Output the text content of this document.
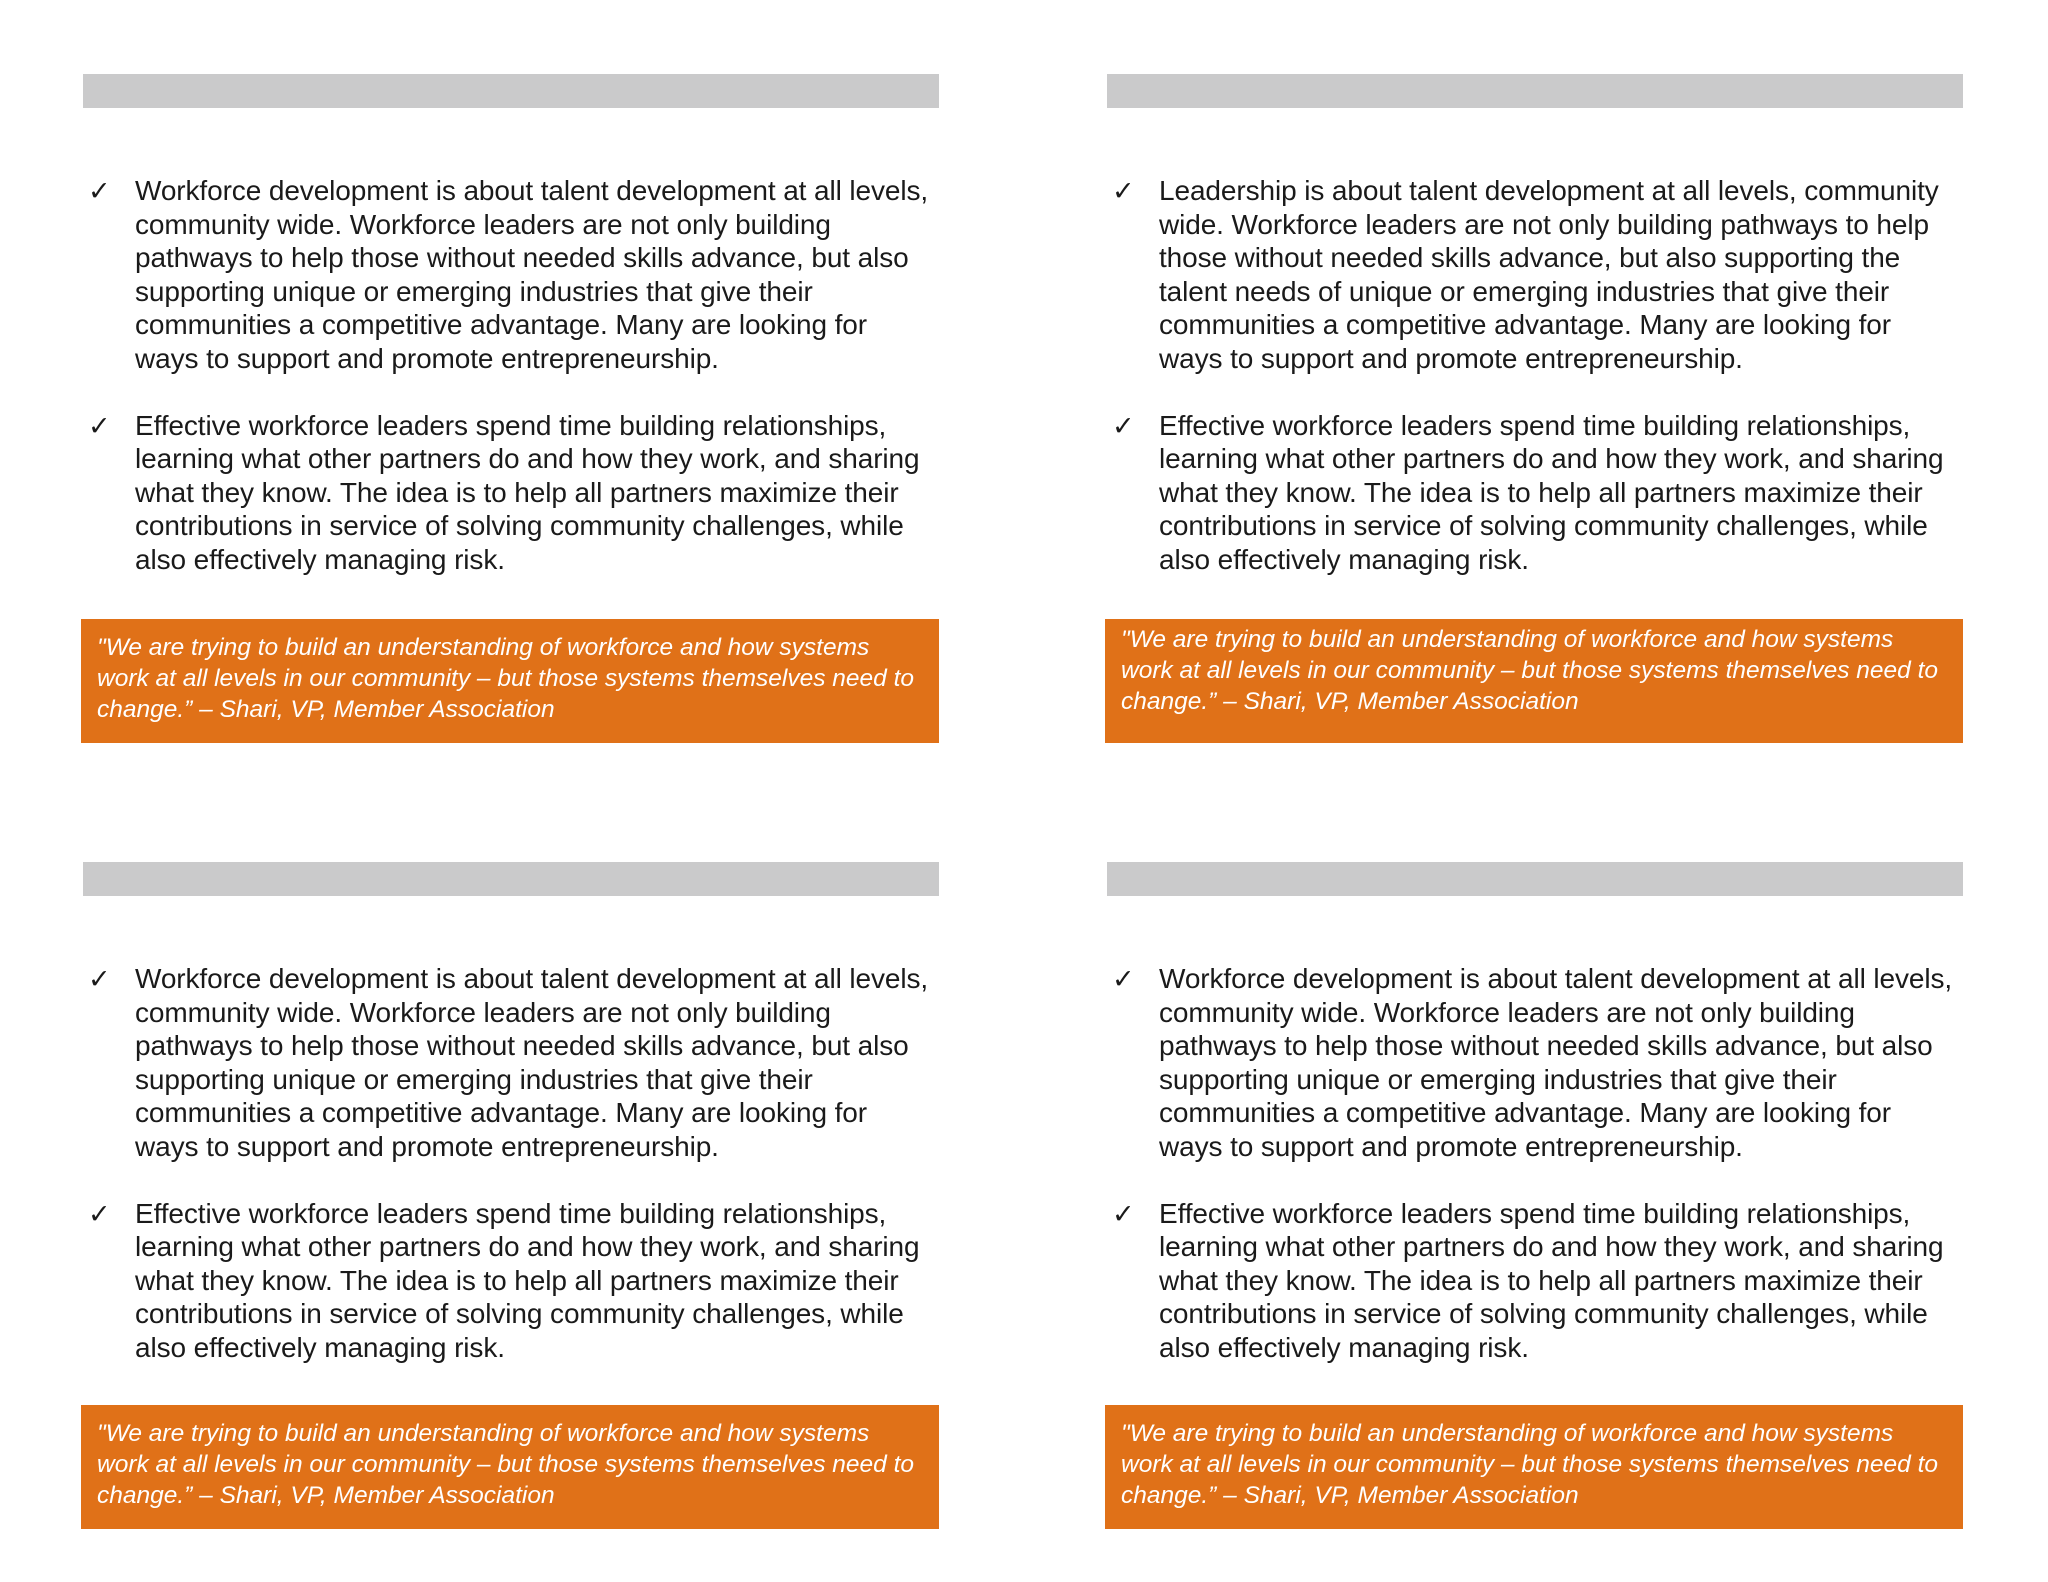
✓ Workforce development is about talent development at all levels, community wide. Workforce leaders are not only building pathways to help those without needed skills advance, but also supporting unique or emerging industries that give their communities a competitive advantage. Many are looking for ways to support and promote entrepreneurship.
✓ Effective workforce leaders spend time building relationships, learning what other partners do and how they work, and sharing what they know. The idea is to help all partners maximize their contributions in service of solving community challenges, while also effectively managing risk.
"We are trying to build an understanding of workforce and how systems work at all levels in our community – but those systems themselves need to change.” – Shari, VP, Member Association
✓ Leadership is about talent development at all levels, community wide. Workforce leaders are not only building pathways to help those without needed skills advance, but also supporting the talent needs of unique or emerging industries that give their communities a competitive advantage. Many are looking for ways to support and promote entrepreneurship.
✓ Effective workforce leaders spend time building relationships, learning what other partners do and how they work, and sharing what they know. The idea is to help all partners maximize their contributions in service of solving community challenges, while also effectively managing risk.
"We are trying to build an understanding of workforce and how systems work at all levels in our community – but those systems themselves need to change.” – Shari, VP, Member Association
✓ Workforce development is about talent development at all levels, community wide. Workforce leaders are not only building pathways to help those without needed skills advance, but also supporting unique or emerging industries that give their communities a competitive advantage. Many are looking for ways to support and promote entrepreneurship.
✓ Effective workforce leaders spend time building relationships, learning what other partners do and how they work, and sharing what they know. The idea is to help all partners maximize their contributions in service of solving community challenges, while also effectively managing risk.
"We are trying to build an understanding of workforce and how systems work at all levels in our community – but those systems themselves need to change.” – Shari, VP, Member Association
✓ Workforce development is about talent development at all levels, community wide. Workforce leaders are not only building pathways to help those without needed skills advance, but also supporting unique or emerging industries that give their communities a competitive advantage. Many are looking for ways to support and promote entrepreneurship.
✓ Effective workforce leaders spend time building relationships, learning what other partners do and how they work, and sharing what they know. The idea is to help all partners maximize their contributions in service of solving community challenges, while also effectively managing risk.
"We are trying to build an understanding of workforce and how systems work at all levels in our community – but those systems themselves need to change.” – Shari, VP, Member Association
